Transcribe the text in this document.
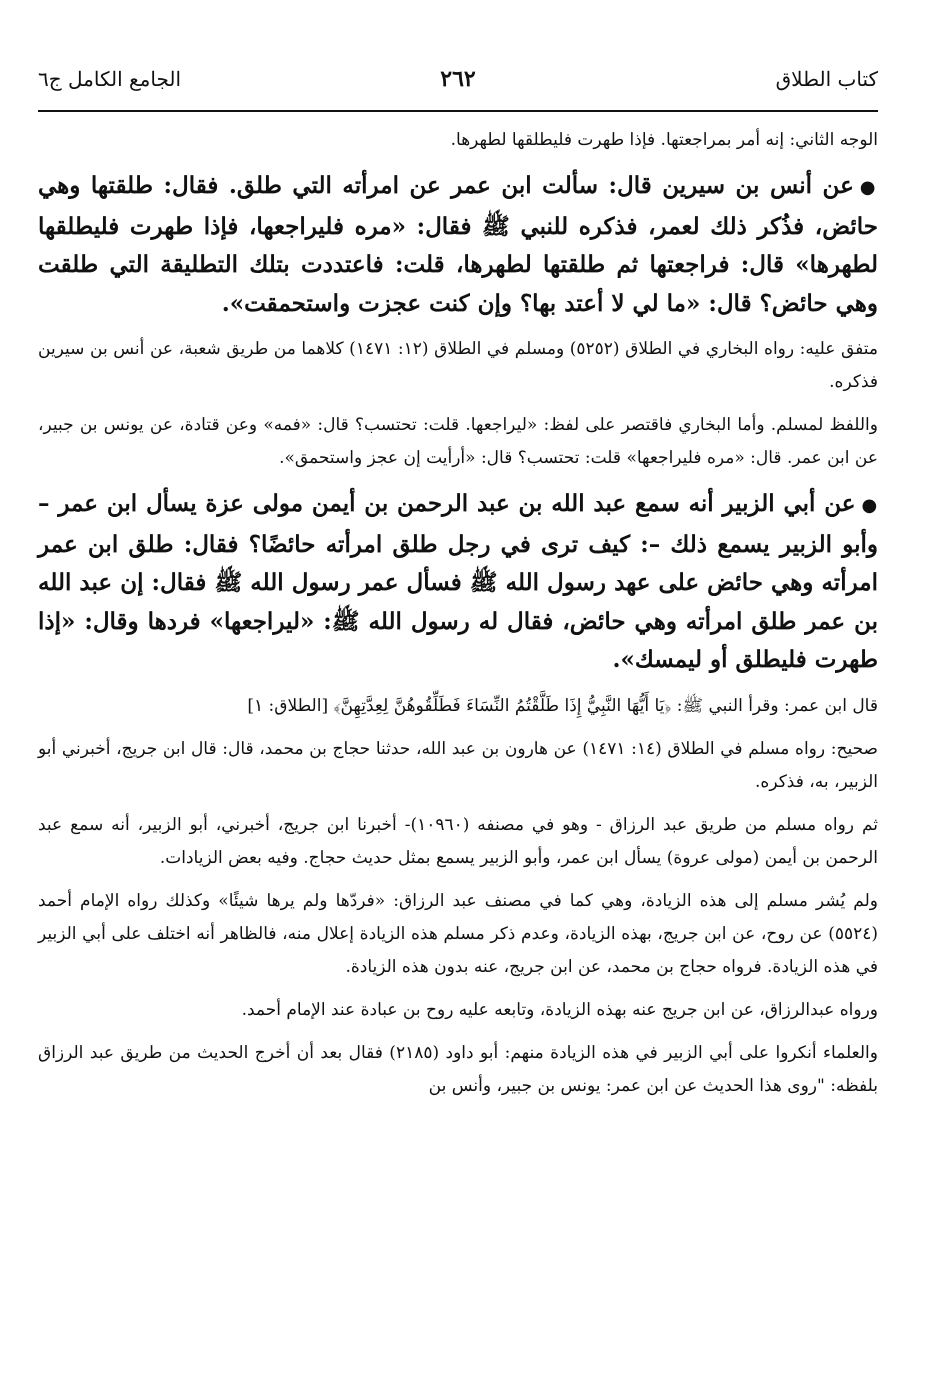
كتاب الطلاق
٢٦٢
الجامع الكامل ج٦

الوجه الثاني: إنه أمر بمراجعتها. فإذا طهرت فليطلقها لطهرها.

●عن أنس بن سيرين قال: سألت ابن عمر عن امرأته التي طلق. فقال: طلقتها وهي حائض، فذُكر ذلك لعمر، فذكره للنبي ﷺ فقال: «مره فليراجعها، فإذا طهرت فليطلقها لطهرها» قال: فراجعتها ثم طلقتها لطهرها، قلت: فاعتددت بتلك التطليقة التي طلقت وهي حائض؟ قال: «ما لي لا أعتد بها؟ وإن كنت عجزت واستحمقت».

متفق عليه: رواه البخاري في الطلاق (٥٢٥٢) ومسلم في الطلاق (١٢: ١٤٧١) كلاهما من طريق شعبة، عن أنس بن سيرين فذكره.

واللفظ لمسلم. وأما البخاري فاقتصر على لفظ: «ليراجعها. قلت: تحتسب؟ قال: «فمه» وعن قتادة، عن يونس بن جبير، عن ابن عمر. قال: «مره فليراجعها» قلت: تحتسب؟ قال: «أرأيت إن عجز واستحمق».

●عن أبي الزبير أنه سمع عبد الله بن عبد الرحمن بن أيمن مولى عزة يسأل ابن عمر – وأبو الزبير يسمع ذلك –: كيف ترى في رجل طلق امرأته حائضًا؟ فقال: طلق ابن عمر امرأته وهي حائض على عهد رسول الله ﷺ فسأل عمر رسول الله ﷺ فقال: إن عبد الله بن عمر طلق امرأته وهي حائض، فقال له رسول الله ﷺ: «ليراجعها» فردها وقال: «إذا طهرت فليطلق أو ليمسك».

قال ابن عمر: وقرأ النبي ﷺ: ﴿يَا أَيُّهَا النَّبِيُّ إِذَا طَلَّقْتُمُ النِّسَاءَ فَطَلِّقُوهُنَّ لِعِدَّتِهِنَّ﴾ [الطلاق: ١]

صحيح: رواه مسلم في الطلاق (١٤: ١٤٧١) عن هارون بن عبد الله، حدثنا حجاج بن محمد، قال: قال ابن جريج، أخبرني أبو الزبير، به، فذكره.

ثم رواه مسلم من طريق عبد الرزاق - وهو في مصنفه (١٠٩٦٠)- أخبرنا ابن جريج، أخبرني، أبو الزبير، أنه سمع عبد الرحمن بن أيمن (مولى عروة) يسأل ابن عمر، وأبو الزبير يسمع بمثل حديث حجاج. وفيه بعض الزيادات.

ولم يُشر مسلم إلى هذه الزيادة، وهي كما في مصنف عبد الرزاق: «فردّها ولم يرها شيئًا» وكذلك رواه الإمام أحمد (٥٥٢٤) عن روح، عن ابن جريج، بهذه الزيادة، وعدم ذكر مسلم هذه الزيادة إعلال منه، فالظاهر أنه اختلف على أبي الزبير في هذه الزيادة. فرواه حجاج بن محمد، عن ابن جريج، عنه بدون هذه الزيادة.

ورواه عبدالرزاق، عن ابن جريج عنه بهذه الزيادة، وتابعه عليه روح بن عبادة عند الإمام أحمد.

والعلماء أنكروا على أبي الزبير في هذه الزيادة منهم: أبو داود (٢١٨٥) فقال بعد أن أخرج الحديث من طريق عبد الرزاق بلفظه: "روى هذا الحديث عن ابن عمر: يونس بن جبير، وأنس بن
